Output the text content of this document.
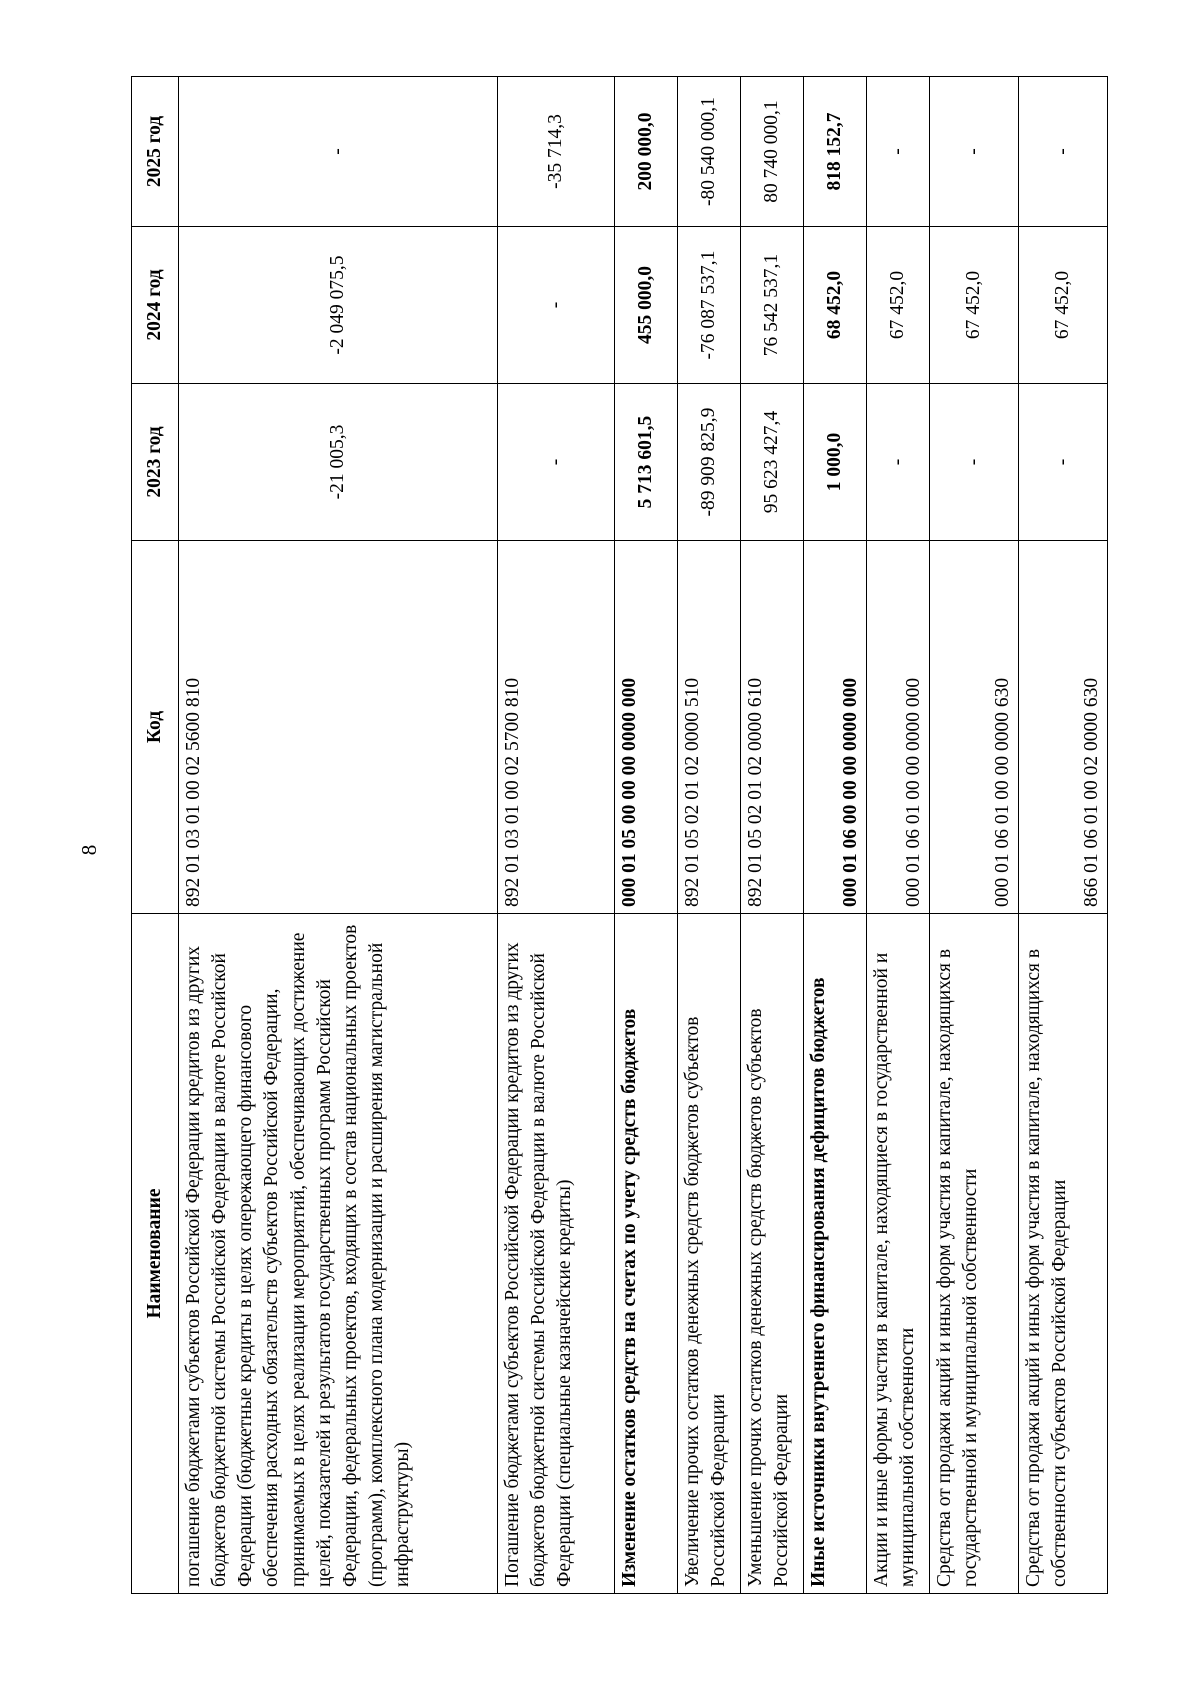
8
Наименование	Код	2023 год	2024 год	2025 год
погашение бюджетами субъектов Российской Федерации кредитов из других бюджетов бюджетной системы Российской Федерации в валюте Российской Федерации (бюджетные кредиты в целях опережающего финансового обеспечения расходных обязательств субъектов Российской Федерации, принимаемых в целях реализации мероприятий, обеспечивающих достижение целей, показателей и результатов государственных программ Российской Федерации, федеральных проектов, входящих в состав национальных проектов (программ), комплексного плана модернизации и расширения магистральной инфраструктуры)	892 01 03 01 00 02 5600 810	-21 005,3	-2 049 075,5	-
Погашение бюджетами субъектов Российской Федерации кредитов из других бюджетов бюджетной системы Российской Федерации в валюте Российской Федерации (специальные казначейские кредиты)	892 01 03 01 00 02 5700 810	-	-	-35 714,3
Изменение остатков средств на счетах по учету средств бюджетов	000 01 05 00 00 00 0000 000	5 713 601,5	455 000,0	200 000,0
Увеличение прочих остатков денежных средств бюджетов субъектов Российской Федерации	892 01 05 02 01 02 0000 510	-89 909 825,9	-76 087 537,1	-80 540 000,1
Уменьшение прочих остатков денежных средств бюджетов субъектов Российской Федерации	892 01 05 02 01 02 0000 610	95 623 427,4	76 542 537,1	80 740 000,1
Иные источники внутреннего финансирования дефицитов бюджетов	000 01 06 00 00 00 0000 000	1 000,0	68 452,0	818 152,7
Акции и иные формы участия в капитале, находящиеся в государственной и муниципальной собственности	000 01 06 01 00 00 0000 000	-	67 452,0	-
Средства от продажи акций и иных форм участия в капитале, находящихся в государственной и муниципальной собственности	000 01 06 01 00 00 0000 630	-	67 452,0	-
Средства от продажи акций и иных форм участия в капитале, находящихся в собственности субъектов Российской Федерации	866 01 06 01 00 02 0000 630	-	67 452,0	-
